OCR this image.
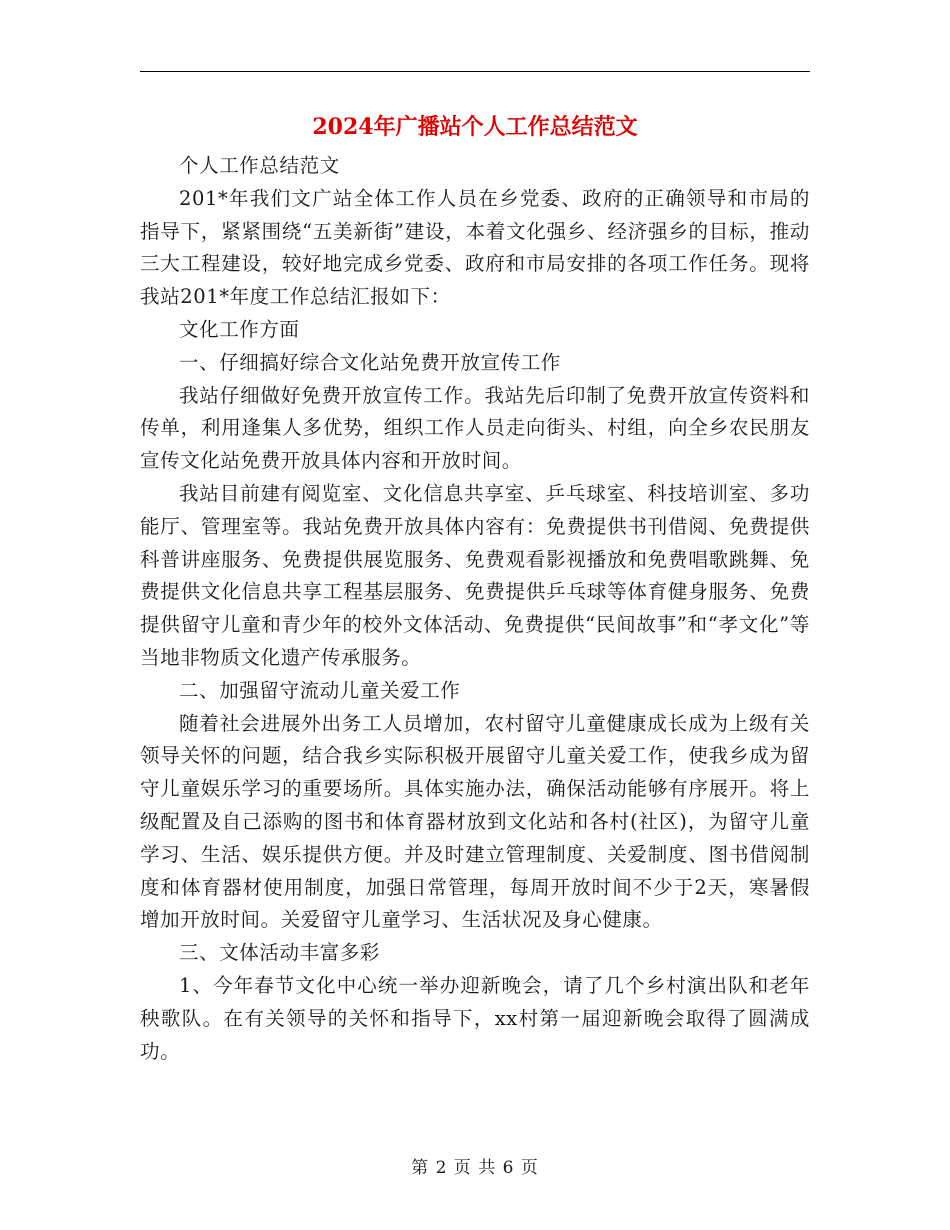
2024年广播站个人工作总结范文

个人工作总结范文

201*年我们文广站全体工作人员在乡党委、政府的正确领导和市局的指导下，紧紧围绕“五美新街”建设，本着文化强乡、经济强乡的目标，推动三大工程建设，较好地完成乡党委、政府和市局安排的各项工作任务。现将我站201*年度工作总结汇报如下：

文化工作方面

一、仔细搞好综合文化站免费开放宣传工作

我站仔细做好免费开放宣传工作。我站先后印制了免费开放宣传资料和传单，利用逢集人多优势，组织工作人员走向街头、村组，向全乡农民朋友宣传文化站免费开放具体内容和开放时间。

我站目前建有阅览室、文化信息共享室、乒乓球室、科技培训室、多功能厅、管理室等。我站免费开放具体内容有：免费提供书刊借阅、免费提供科普讲座服务、免费提供展览服务、免费观看影视播放和免费唱歌跳舞、免费提供文化信息共享工程基层服务、免费提供乒乓球等体育健身服务、免费提供留守儿童和青少年的校外文体活动、免费提供“民间故事”和“孝文化”等当地非物质文化遗产传承服务。

二、加强留守流动儿童关爱工作

随着社会进展外出务工人员增加，农村留守儿童健康成长成为上级有关领导关怀的问题，结合我乡实际积极开展留守儿童关爱工作，使我乡成为留守儿童娱乐学习的重要场所。具体实施办法，确保活动能够有序展开。将上级配置及自己添购的图书和体育器材放到文化站和各村(社区)，为留守儿童学习、生活、娱乐提供方便。并及时建立管理制度、关爱制度、图书借阅制度和体育器材使用制度，加强日常管理，每周开放时间不少于2天，寒暑假增加开放时间。关爱留守儿童学习、生活状况及身心健康。

三、文体活动丰富多彩

1、今年春节文化中心统一举办迎新晚会，请了几个乡村演出队和老年秧歌队。在有关领导的关怀和指导下，xx村第一届迎新晚会取得了圆满成功。

第 2 页 共 6 页
